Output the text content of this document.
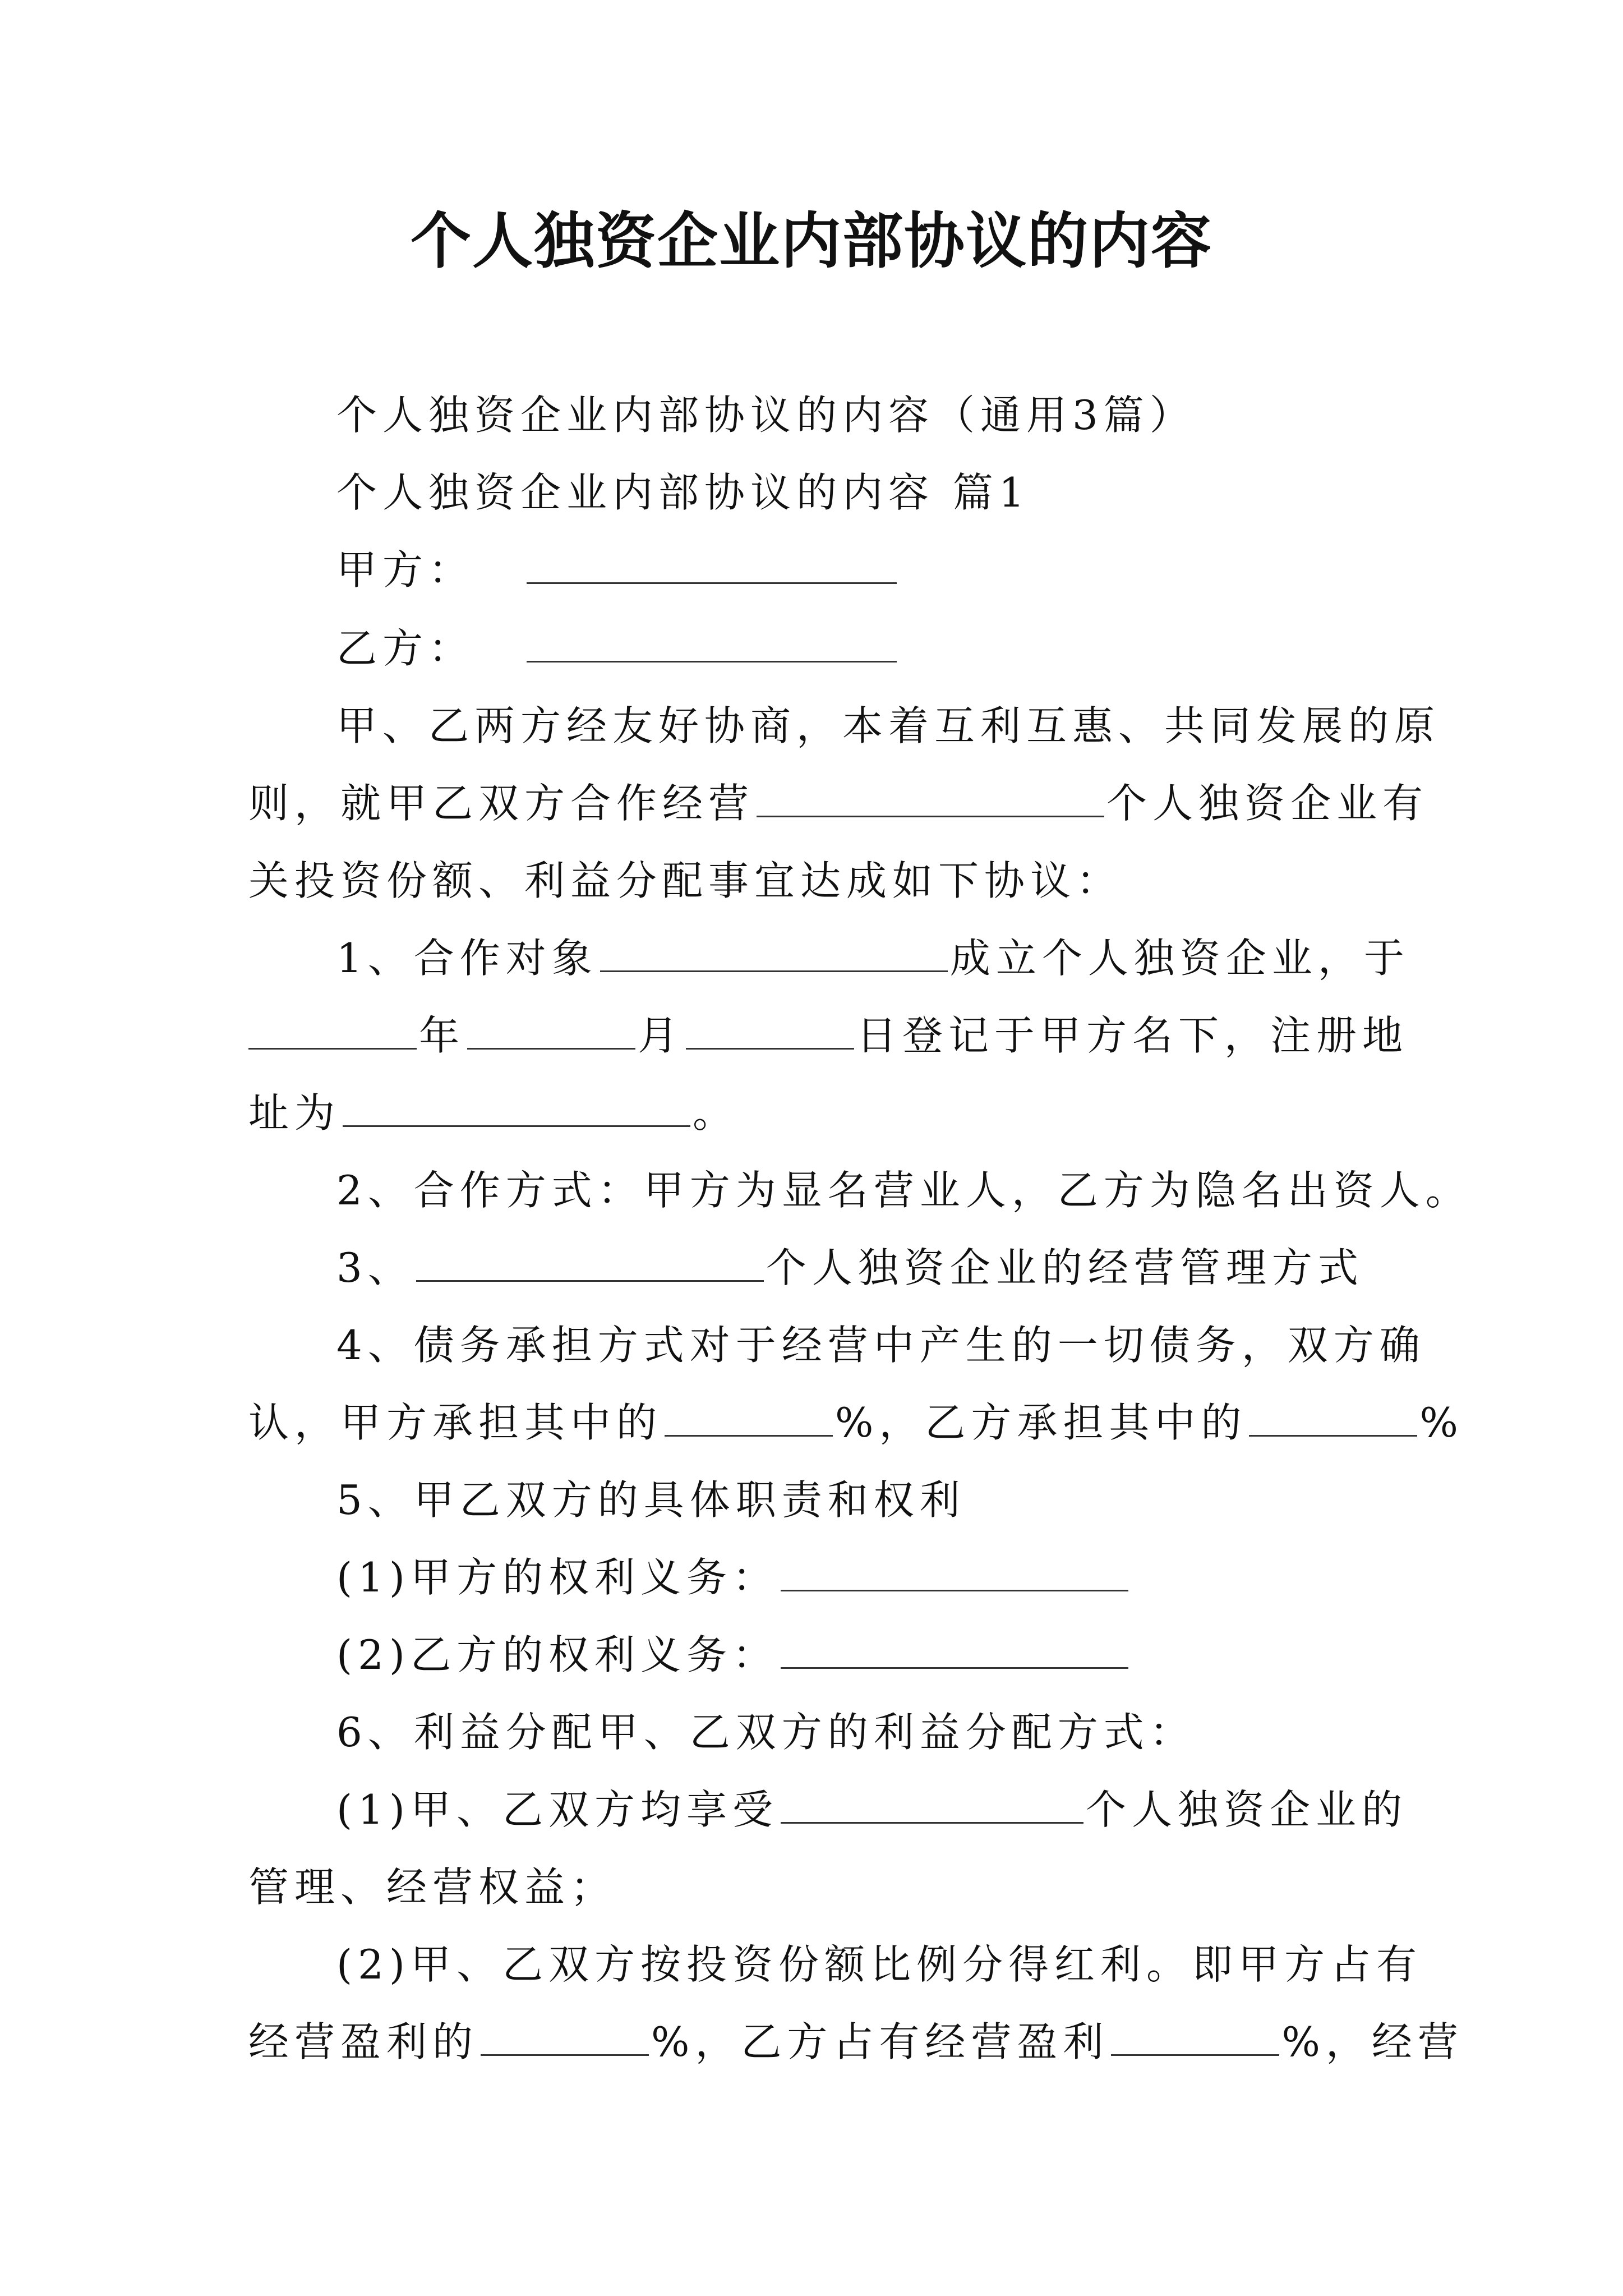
个人独资企业内部协议的内容
个人独资企业内部协议的内容（通用3篇）
个人独资企业内部协议的内容 篇1
甲方：
乙方：
甲、乙两方经友好协商，本着互利互惠、共同发展的原
则，就甲乙双方合作经营	个人独资企业有
关投资份额、利益分配事宜达成如下协议：
1、合作对象	成立个人独资企业，于
年	月	日登记于甲方名下，注册地
址为	。
2、合作方式：甲方为显名营业人，乙方为隐名出资人。
3、	个人独资企业的经营管理方式
4、债务承担方式对于经营中产生的一切债务，双方确
认，甲方承担其中的	%，乙方承担其中的	%
5、甲乙双方的具体职责和权利
(1)甲方的权利义务：
(2)乙方的权利义务：
6、利益分配甲、乙双方的利益分配方式：
(1)甲、乙双方均享受	个人独资企业的
管理、经营权益；
(2)甲、乙双方按投资份额比例分得红利。即甲方占有
经营盈利的	%，乙方占有经营盈利	%，经营
